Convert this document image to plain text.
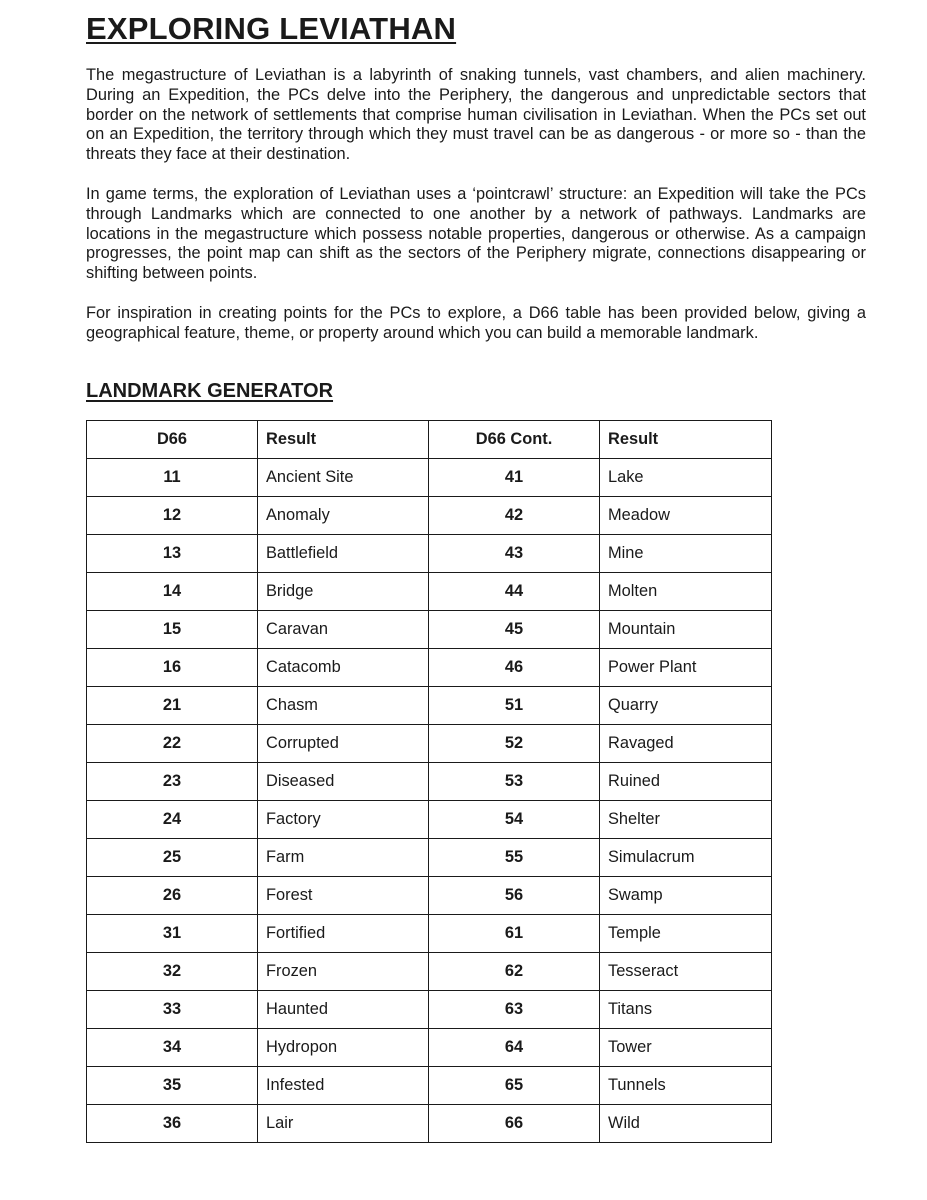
EXPLORING LEVIATHAN

The megastructure of Leviathan is a labyrinth of snaking tunnels, vast chambers, and alien machinery. During an Expedition, the PCs delve into the Periphery, the dangerous and unpredictable sectors that border on the network of settlements that comprise human civilisation in Leviathan. When the PCs set out on an Expedition, the territory through which they must travel can be as dangerous - or more so - than the threats they face at their destination.

In game terms, the exploration of Leviathan uses a ‘pointcrawl’ structure: an Expedition will take the PCs through Landmarks which are connected to one another by a network of pathways. Landmarks are locations in the megastructure which possess notable properties, dangerous or otherwise. As a campaign progresses, the point map can shift as the sectors of the Periphery migrate, connections disappearing or shifting between points.

For inspiration in creating points for the PCs to explore, a D66 table has been provided below, giving a geographical feature, theme, or property around which you can build a memorable landmark.

LANDMARK GENERATOR
D66	Result	D66 Cont.	Result
11	Ancient Site	41	Lake
12	Anomaly	42	Meadow
13	Battlefield	43	Mine
14	Bridge	44	Molten
15	Caravan	45	Mountain
16	Catacomb	46	Power Plant
21	Chasm	51	Quarry
22	Corrupted	52	Ravaged
23	Diseased	53	Ruined
24	Factory	54	Shelter
25	Farm	55	Simulacrum
26	Forest	56	Swamp
31	Fortified	61	Temple
32	Frozen	62	Tesseract
33	Haunted	63	Titans
34	Hydropon	64	Tower
35	Infested	65	Tunnels
36	Lair	66	Wild
